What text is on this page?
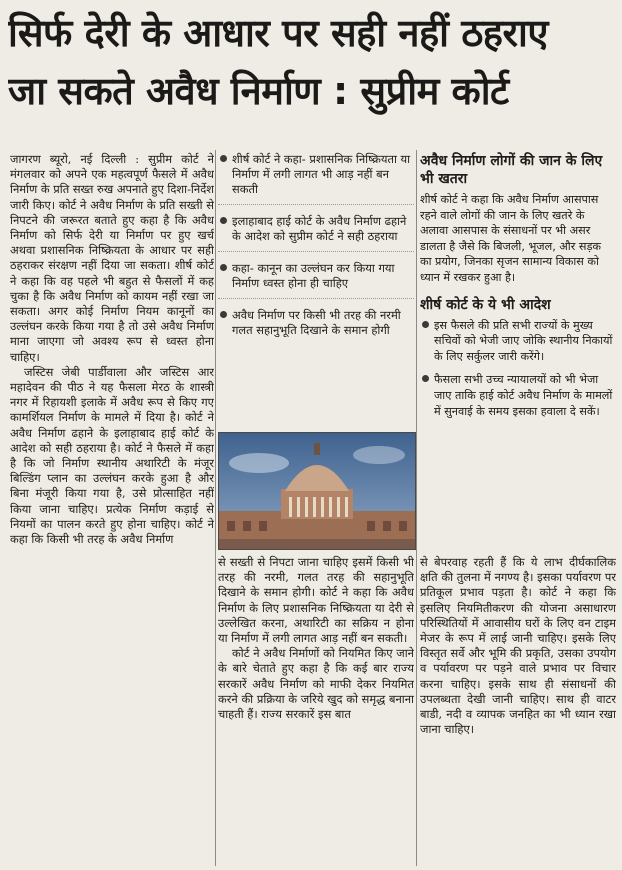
सिर्फ देरी के आधार पर सही नहीं ठहराए
जा सकते अवैध निर्माण : सुप्रीम कोर्ट

जागरण ब्यूरो, नई दिल्ली : सुप्रीम कोर्ट ने मंगलवार को अपने एक महत्वपूर्ण फैसले में अवैध निर्माण के प्रति सख्त रुख अपनाते हुए दिशा-निर्देश जारी किए। कोर्ट ने अवैध निर्माण के प्रति सख्ती से निपटने की जरूरत बताते हुए कहा है कि अवैध निर्माण को सिर्फ देरी या निर्माण पर हुए खर्च अथवा प्रशासनिक निष्क्रियता के आधार पर सही ठहराकर संरक्षण नहीं दिया जा सकता। शीर्ष कोर्ट ने कहा कि वह पहले भी बहुत से फैसलों में कह चुका है कि अवैध निर्माण को कायम नहीं रखा जा सकता। अगर कोई निर्माण नियम कानूनों का उल्लंघन करके किया गया है तो उसे अवैध निर्माण माना जाएगा जो अवश्य रूप से ध्वस्त होना चाहिए।

जस्टिस जेबी पार्डीवाला और जस्टिस आर महादेवन की पीठ ने यह फैसला मेरठ के शास्त्री नगर में रिहायशी इलाके में अवैध रूप से किए गए कामर्शियल निर्माण के मामले में दिया है। कोर्ट ने अवैध निर्माण ढहाने के इलाहाबाद हाई कोर्ट के आदेश को सही ठहराया है। कोर्ट ने फैसले में कहा है कि जो निर्माण स्थानीय अथारिटी के मंजूर बिल्डिंग प्लान का उल्लंघन करके हुआ है और बिना मंजूरी किया गया है, उसे प्रोत्साहित नहीं किया जाना चाहिए। प्रत्येक निर्माण कड़ाई से नियमों का पालन करते हुए होना चाहिए। कोर्ट ने कहा कि किसी भी तरह के अवैध निर्माण

शीर्ष कोर्ट ने कहा- प्रशासनिक निष्क्रियता या निर्माण में लगी लागत भी आड़ नहीं बन सकती
इलाहाबाद हाई कोर्ट के अवैध निर्माण ढहाने के आदेश को सुप्रीम कोर्ट ने सही ठहराया
कहा- कानून का उल्लंघन कर किया गया निर्माण ध्वस्त होना ही चाहिए
अवैध निर्माण पर किसी भी तरह की नरमी गलत सहानुभूति दिखाने के समान होगी
अवैध निर्माण लोगों की जान के लिए भी खतरा

शीर्ष कोर्ट ने कहा कि अवैध निर्माण आसपास रहने वाले लोगों की जान के लिए खतरे के अलावा आसपास के संसाधनों पर भी असर डालता है जैसे कि बिजली, भूजल, और सड़क का प्रयोग, जिनका सृजन सामान्य विकास को ध्यान में रखकर हुआ है।

शीर्ष कोर्ट के ये भी आदेश
इस फैसले की प्रति सभी राज्यों के मुख्य सचिवों को भेजी जाए जोकि स्थानीय निकायों के लिए सर्कुलर जारी करेंगे।
फैसला सभी उच्च न्यायालयों को भी भेजा जाए ताकि हाई कोर्ट अवैध निर्माण के मामलों में सुनवाई के समय इसका हवाला दे सकें।

से सख्ती से निपटा जाना चाहिए इसमें किसी भी तरह की नरमी, गलत तरह की सहानुभूति दिखाने के समान होगी। कोर्ट ने कहा कि अवैध निर्माण के लिए प्रशासनिक निष्क्रियता या देरी से उल्लेखित करना, अथारिटी का सक्रिय न होना या निर्माण में लगी लागत आड़ नहीं बन सकती।

कोर्ट ने अवैध निर्माणों को नियमित किए जाने के बारे चेताते हुए कहा है कि कई बार राज्य सरकारें अवैध निर्माण को माफी देकर नियमित करने की प्रक्रिया के जरिये खुद को समृद्ध बनाना चाहती हैं। राज्य सरकारें इस बात

से बेपरवाह रहती हैं कि ये लाभ दीर्घकालिक क्षति की तुलना में नगण्य है। इसका पर्यावरण पर प्रतिकूल प्रभाव पड़ता है। कोर्ट ने कहा कि इसलिए नियमितीकरण की योजना असाधारण परिस्थितियों में आवासीय घरों के लिए वन टाइम मेजर के रूप में लाई जानी चाहिए। इसके लिए विस्तृत सर्वे और भूमि की प्रकृति, उसका उपयोग व पर्यावरण पर पड़ने वाले प्रभाव पर विचार करना चाहिए। इसके साथ ही संसाधनों की उपलब्धता देखी जानी चाहिए। साथ ही वाटर बाडी, नदी व व्यापक जनहित का भी ध्यान रखा जाना चाहिए।
